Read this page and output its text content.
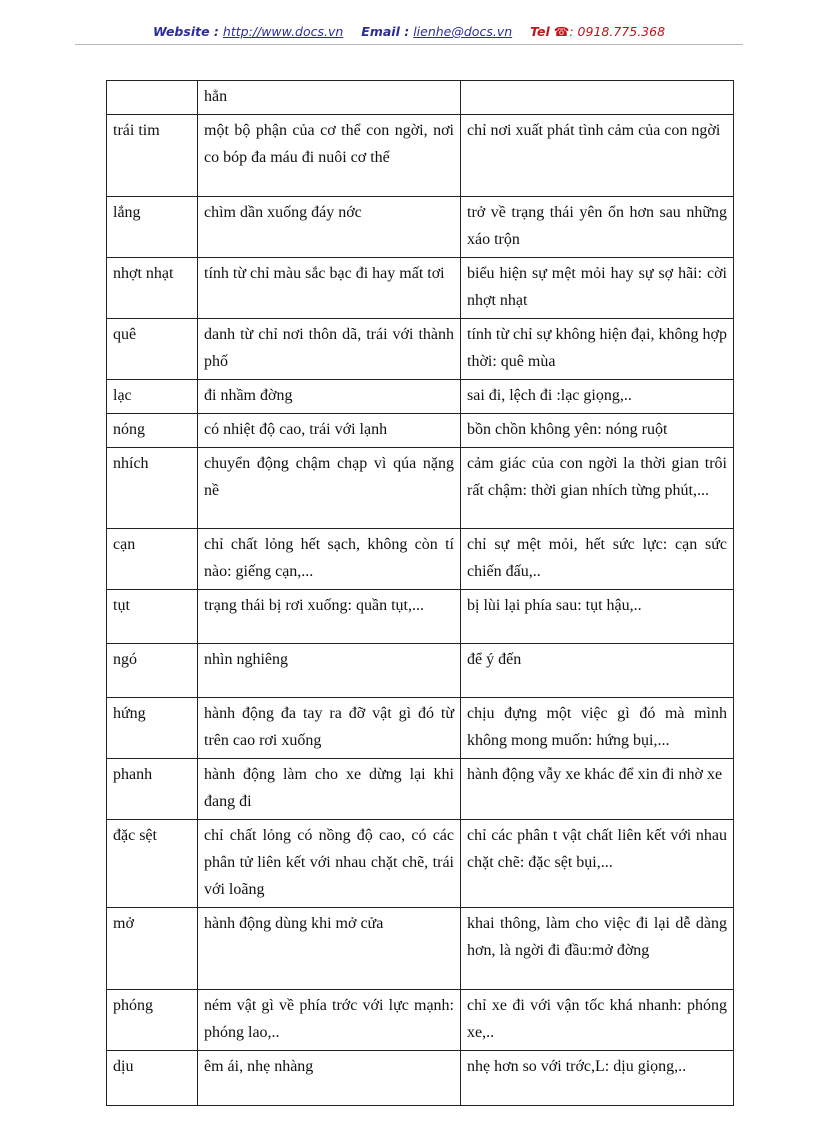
Website : http://www.docs.vn Email : lienhe@docs.vn Tel ☎: 0918.775.368
	hẳn	
trái tim	một bộ phận của cơ thể con ngời, nơi co bóp đa máu đi nuôi cơ thể	chỉ nơi xuất phát tình cảm của con ngời
lắng	chìm dần xuống đáy nớc	trở về trạng thái yên ổn hơn sau những xáo trộn
nhợt nhạt	tính từ chỉ màu sắc bạc đi hay mất tơi	biểu hiện sự mệt mỏi hay sự sợ hãi: cời nhợt nhạt
quê	danh từ chỉ nơi thôn dã, trái với thành phố	tính từ chỉ sự không hiện đại, không hợp thời: quê mùa
lạc	đi nhầm đờng	sai đi, lệch đi :lạc giọng,..
nóng	có nhiệt độ cao, trái với lạnh	bồn chồn không yên: nóng ruột
nhích	chuyển động chậm chạp vì qúa nặng nề	cảm giác của con ngời la thời gian trôi rất chậm: thời gian nhích từng phút,...
cạn	chỉ chất lỏng hết sạch, không còn tí nào: giếng cạn,...	chỉ sự mệt mỏi, hết sức lực: cạn sức chiến đấu,..
tụt	trạng thái bị rơi xuống: quần tụt,...	bị lùi lại phía sau: tụt hậu,..
ngó	nhìn nghiêng	để ý đến
hứng	hành động đa tay ra đỡ vật gì đó từ trên cao rơi xuống	chịu đựng một việc gì đó mà mình không mong muốn: hứng bụi,...
phanh	hành động làm cho xe dừng lại khi đang đi	hành động vẫy xe khác để xin đi nhờ xe
đặc sệt	chỉ chất lỏng có nồng độ cao, có các phân tử liên kết với nhau chặt chẽ, trái với loãng	chỉ các phân t vật chất liên kết với nhau chặt chẽ: đặc sệt bụi,...
mở	hành động dùng khi mở cửa	khai thông, làm cho việc đi lại dễ dàng hơn, là ngời đi đầu:mở đờng
phóng	ném vật gì về phía trớc với lực mạnh: phóng lao,..	chỉ xe đi với vận tốc khá nhanh: phóng xe,..
dịu	êm ái, nhẹ nhàng	nhẹ hơn so với trớc,L: dịu giọng,..
